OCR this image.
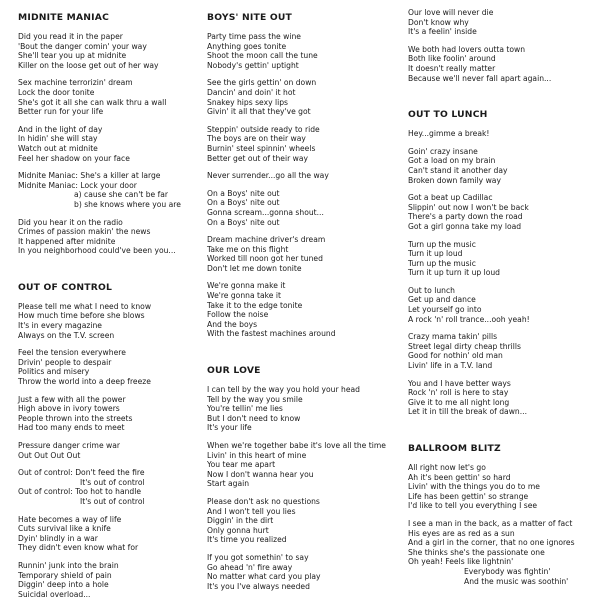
MIDNITE MANIAC
Did you read it in the paper
'Bout the danger comin' your way
She'll tear you up at midnite
Killer on the loose get out of her way
Sex machine terrorizin' dream
Lock the door tonite
She's got it all she can walk thru a wall
Better run for your life
And in the light of day
In hidin' she will stay
Watch out at midnite
Feel her shadow on your face
Midnite Maniac: She's a killer at large
Midnite Maniac: Lock your door
a) cause she can't be far
b) she knows where you are
Did you hear it on the radio
Crimes of passion makin' the news
It happened after midnite
In you neighborhood could've been you...
OUT OF CONTROL
Please tell me what I need to know
How much time before she blows
It's in every magazine
Always on the T.V. screen
Feel the tension everywhere
Drivin' people to despair
Politics and misery
Throw the world into a deep freeze
Just a few with all the power
High above in ivory towers
People thrown into the streets
Had too many ends to meet
Pressure danger crime war
Out Out Out Out
Out of control: Don't feed the fire
It's out of control
Out of control: Too hot to handle
It's out of control
Hate becomes a way of life
Cuts survival like a knife
Dyin' blindly in a war
They didn't even know what for
Runnin' junk into the brain
Temporary shield of pain
Diggin' deep into a hole
Suicidal overload...
BOYS' NITE OUT
Party time pass the wine
Anything goes tonite
Shoot the moon call the tune
Nobody's gettin' uptight
See the girls gettin' on down
Dancin' and doin' it hot
Snakey hips sexy lips
Givin' it all that they've got
Steppin' outside ready to ride
The boys are on their way
Burnin' steel spinnin' wheels
Better get out of their way
Never surrender...go all the way
On a Boys' nite out
On a Boys' nite out
Gonna scream...gonna shout...
On a Boys' nite out
Dream machine driver's dream
Take me on this flight
Worked till noon got her tuned
Don't let me down tonite
We're gonna make it
We're gonna take it
Take it to the edge tonite
Follow the noise
And the boys
With the fastest machines around
OUR LOVE
I can tell by the way you hold your head
Tell by the way you smile
You're tellin' me lies
But I don't need to know
It's your life
When we're together babe it's love all the time
Livin' in this heart of mine
You tear me apart
Now I don't wanna hear you
Start again
Please don't ask no questions
And I won't tell you lies
Diggin' in the dirt
Only gonna hurt
It's time you realized
If you got somethin' to say
Go ahead 'n' fire away
No matter what card you play
It's you I've always needed
Our love will never die
Don't know why
It's a feelin' inside
We both had lovers outta town
Both like foolin' around
It doesn't really matter
Because we'll never fall apart again...
OUT TO LUNCH
Hey...gimme a break!
Goin' crazy insane
Got a load on my brain
Can't stand it another day
Broken down family way
Got a beat up Cadillac
Slippin' out now I won't be back
There's a party down the road
Got a girl gonna take my load
Turn up the music
Turn it up loud
Turn up the music
Turn it up turn it up loud
Out to lunch
Get up and dance
Let yourself go into
A rock 'n' roll trance...ooh yeah!
Crazy mama takin' pills
Street legal dirty cheap thrills
Good for nothin' old man
Livin' life in a T.V. land
You and I have better ways
Rock 'n' roll is here to stay
Give it to me all night long
Let it in till the break of dawn...
BALLROOM BLITZ
All right now let's go
Ah it's been gettin' so hard
Livin' with the things you do to me
Life has been gettin' so strange
I'd like to tell you everything I see
I see a man in the back, as a matter of fact
His eyes are as red as a sun
And a girl in the corner, that no one ignores
She thinks she's the passionate one
Oh yeah! Feels like lightnin'
Everybody was fightin'
And the music was soothin'
